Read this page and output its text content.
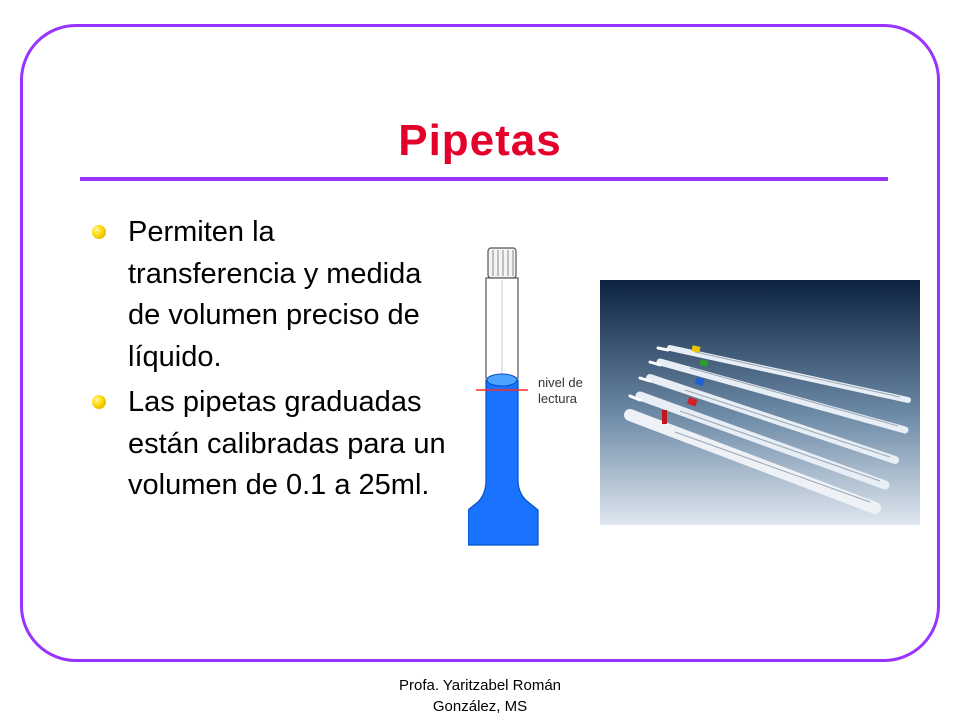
Pipetas
Permiten la transferencia y medida de volumen preciso de líquido.
Las pipetas graduadas están calibradas para un volumen de 0.1 a 25ml.
nivel de
lectura
Profa. Yaritzabel Román
González, MS
